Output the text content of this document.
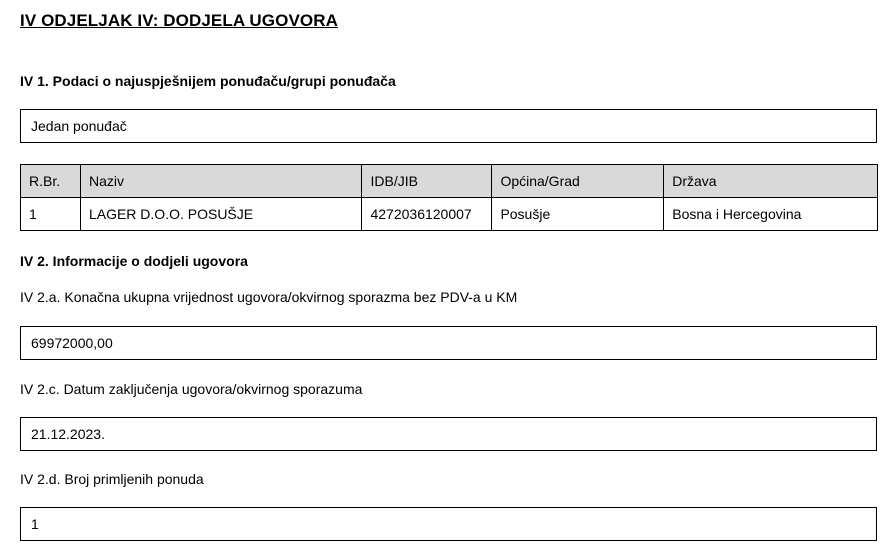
IV ODJELJAK IV: DODJELA UGOVORA
IV 1. Podaci o najuspješnijem ponuđaču/grupi ponuđača
Jedan ponuđač
R.Br.	Naziv	IDB/JIB	Općina/Grad	Država
1	LAGER D.O.O. POSUŠJE	4272036120007	Posušje	Bosna i Hercegovina
IV 2. Informacije o dodjeli ugovora
IV 2.a. Konačna ukupna vrijednost ugovora/okvirnog sporazma bez PDV-a u KM
69972000,00
IV 2.c. Datum zaključenja ugovora/okvirnog sporazuma
21.12.2023.
IV 2.d. Broj primljenih ponuda
1
